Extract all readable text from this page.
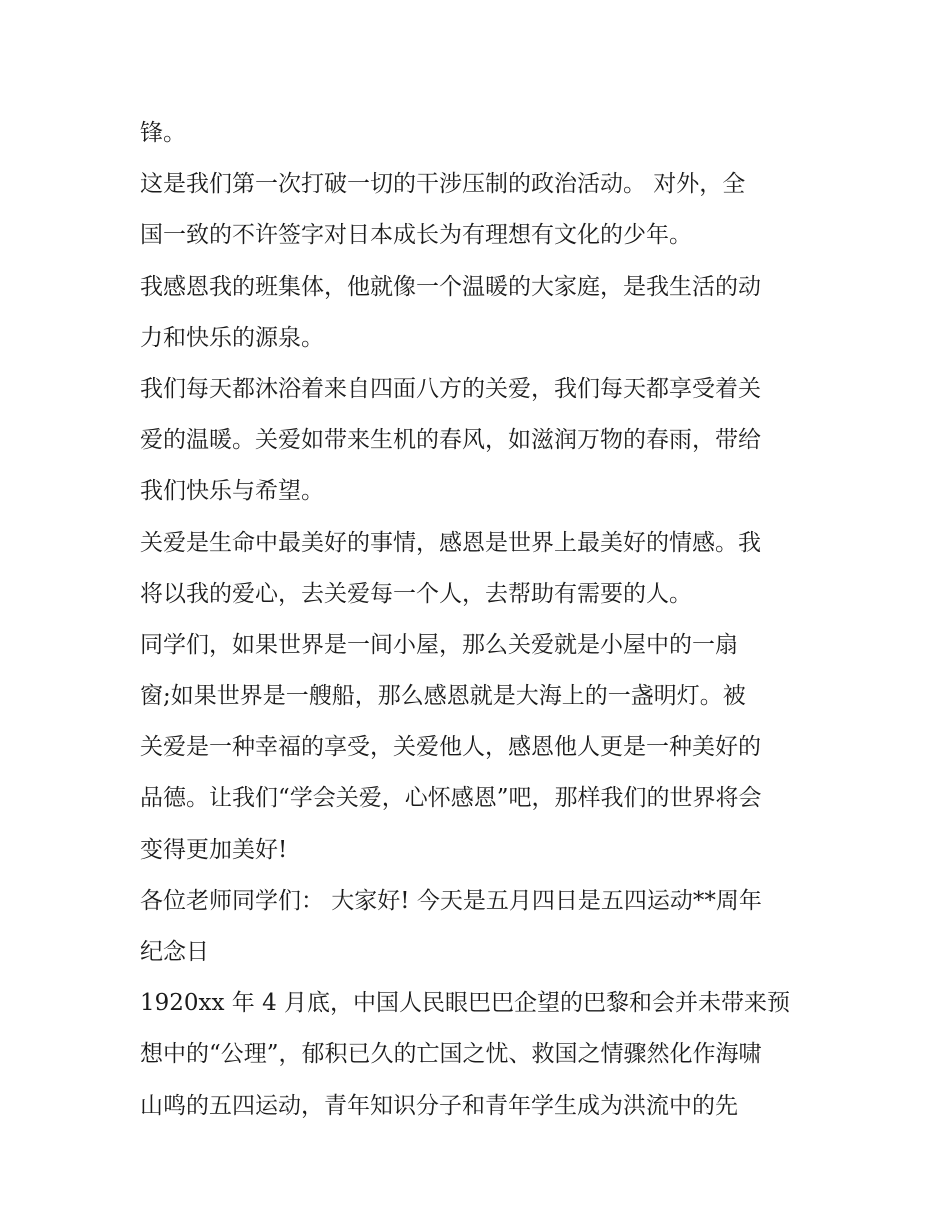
锋。
这是我们第一次打破一切的干涉压制的政治活动。 对外，全
国一致的不许签字对日本成长为有理想有文化的少年。
我感恩我的班集体，他就像一个温暖的大家庭，是我生活的动
力和快乐的源泉。
我们每天都沐浴着来自四面八方的关爱，我们每天都享受着关
爱的温暖。关爱如带来生机的春风，如滋润万物的春雨，带给
我们快乐与希望。
关爱是生命中最美好的事情，感恩是世界上最美好的情感。我
将以我的爱心，去关爱每一个人，去帮助有需要的人。
同学们，如果世界是一间小屋，那么关爱就是小屋中的一扇
窗;如果世界是一艘船，那么感恩就是大海上的一盏明灯。被
关爱是一种幸福的享受，关爱他人，感恩他人更是一种美好的
品德。让我们“学会关爱，心怀感恩”吧，那样我们的世界将会
变得更加美好!
各位老师同学们： 大家好! 今天是五月四日是五四运动**周年
纪念日
1920xx 年 4 月底，中国人民眼巴巴企望的巴黎和会并未带来预
想中的“公理”，郁积已久的亡国之忧、救国之情骤然化作海啸
山鸣的五四运动，青年知识分子和青年学生成为洪流中的先
